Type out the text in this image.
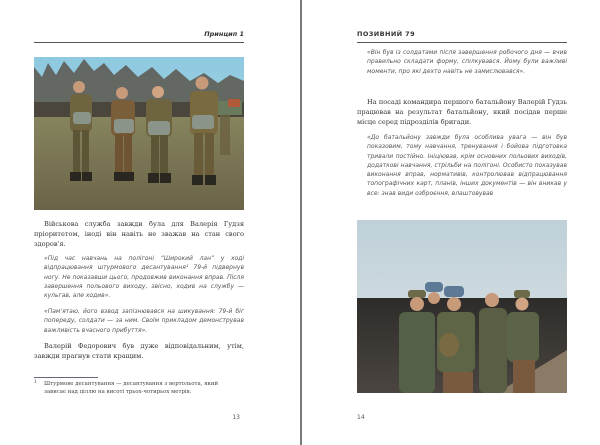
Принцип 1

Військова служба завжди була для Валерія Гудзя пріоритетом, іноді він навіть не зважав на стан свого здоров'я.

«Під час навчань на полігоні “Широкий лан” у ході відпрацювання штурмового десантування¹ 79-й підвернув ногу. Не показавши цього, продовжив виконання вправ. Після завершення польового виходу, звісно, ходив на службу — кульгав, але ходив».

«Пам'ятаю, його взвод запізнювався на шикування: 79-й біг попереду, солдати — за ним. Своїм прикладом демонстрував важливість вчасного прибуття».

Валерій Федорович був дуже відповідальним, утім, завжди прагнув стати кращим.

1 Штурмове десантування — десантування з вертольота, який зависає над ціллю на висоті трьох-чотирьох метрів.
13
ПОЗИВНИЙ 79

«Він був із солдатами після завершення робочого дня — вчив правильно складати форму, спілкувався. Йому були важливі моменти, про які дехто навіть не замислювався».

На посаді командира першого батальйону Валерій Гудзь працював на результат батальйону, який посідав перше місце серед підрозділів бригади.

«До батальйону завжди була особлива увага — він був показовим, тому навчання, тренування і бойова підготовка тривали постійно. Ініціював, крім основних польових виходів, додаткові навчання, стрільби на полігоні. Особисто показував виконання вправ, нормативів, контролював відпрацювання топографічних карт, планів, інших документів — він вникав у все: знав види озброєння, влаштовував

14
